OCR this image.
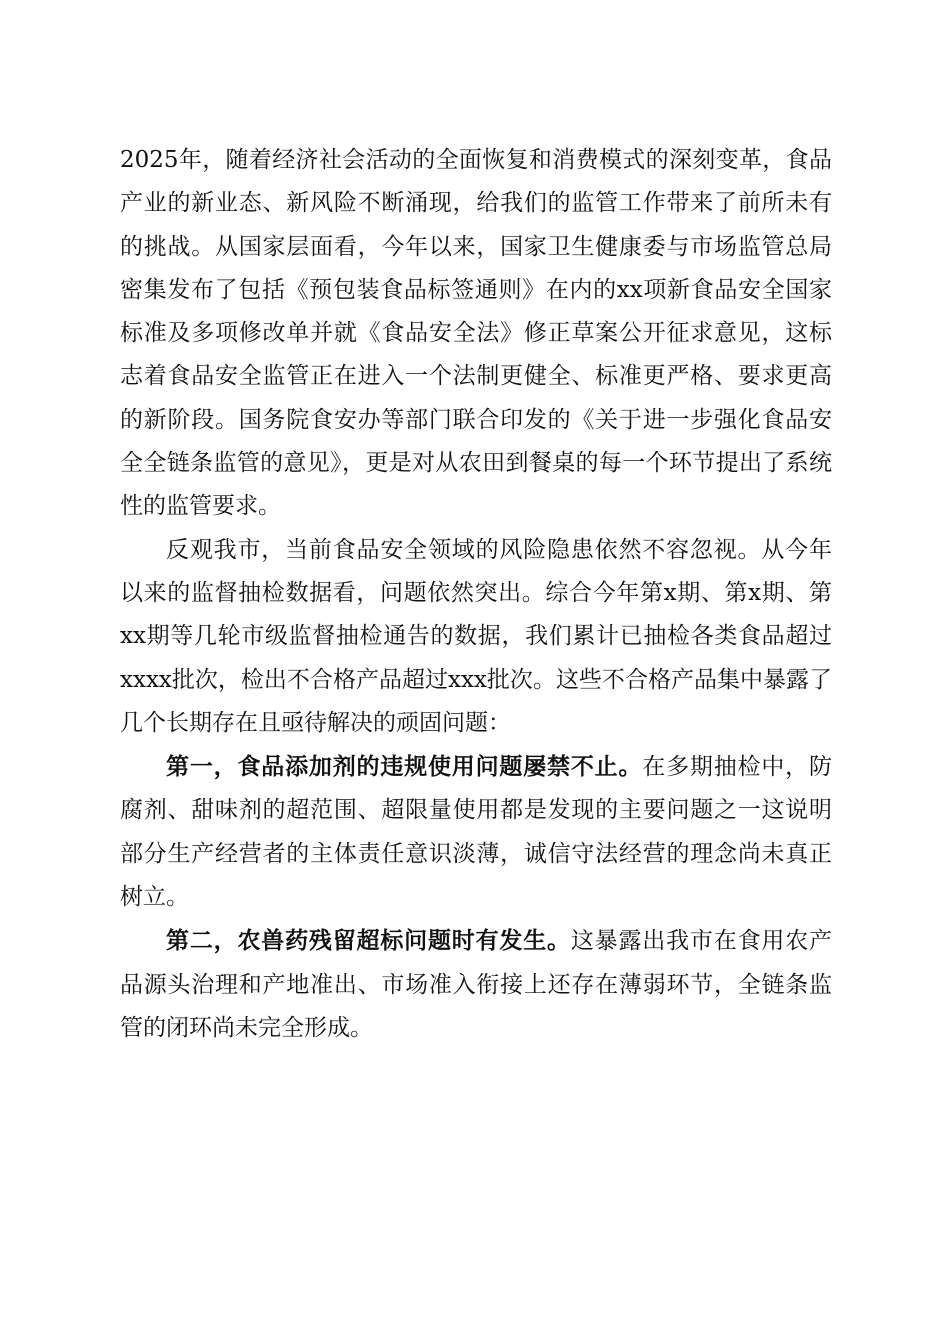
2025年，随着经济社会活动的全面恢复和消费模式的深刻变革，食品产业的新业态、新风险不断涌现，给我们的监管工作带来了前所未有的挑战。从国家层面看，今年以来，国家卫生健康委与市场监管总局密集发布了包括《预包装食品标签通则》在内的xx项新食品安全国家标准及多项修改单并就《食品安全法》修正草案公开征求意见，这标志着食品安全监管正在进入一个法制更健全、标准更严格、要求更高的新阶段。国务院食安办等部门联合印发的《关于进一步强化食品安全全链条监管的意见》，更是对从农田到餐桌的每一个环节提出了系统性的监管要求。

反观我市，当前食品安全领域的风险隐患依然不容忽视。从今年以来的监督抽检数据看，问题依然突出。综合今年第x期、第x期、第xx期等几轮市级监督抽检通告的数据，我们累计已抽检各类食品超过xxxx批次，检出不合格产品超过xxx批次。这些不合格产品集中暴露了几个长期存在且亟待解决的顽固问题：

第一，食品添加剂的违规使用问题屡禁不止。在多期抽检中，防腐剂、甜味剂的超范围、超限量使用都是发现的主要问题之一这说明部分生产经营者的主体责任意识淡薄，诚信守法经营的理念尚未真正树立。

第二，农兽药残留超标问题时有发生。这暴露出我市在食用农产品源头治理和产地准出、市场准入衔接上还存在薄弱环节，全链条监管的闭环尚未完全形成。
